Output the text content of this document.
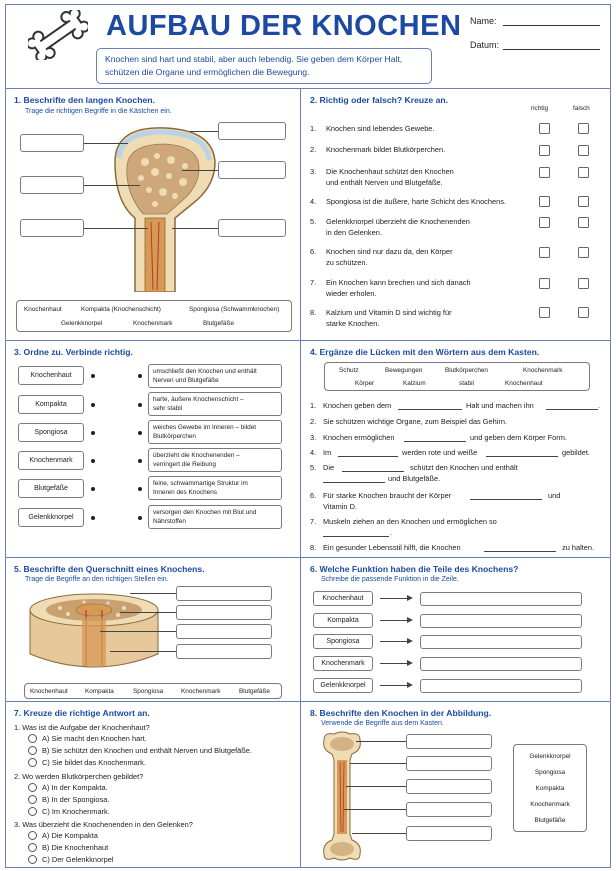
AUFBAU DER KNOCHEN
Knochen sind hart und stabil, aber auch lebendig. Sie geben dem Körper Halt,
schützen die Organe und ermöglichen die Bewegung.
Name:
Datum:
1. Beschrifte den langen Knochen.
Trage die richtigen Begriffe in die Kästchen ein.
Knochenhaut	Kompakta (Knochenschicht)	Spongiosa (Schwammknochen)
Gelenkknorpel	Knochenmark	Blutgefäße
2. Richtig oder falsch? Kreuze an.
richtig	falsch
1. Knochen sind lebendes Gewebe.
2. Knochenmark bildet Blutkörperchen.
3. Die Knochenhaut schützt den Knochen
und enthält Nerven und Blutgefäße.
4. Spongiosa ist die äußere, harte Schicht des Knochens.
5. Gelenkknorpel überzieht die Knochenenden
in den Gelenken.
6. Knochen sind nur dazu da, den Körper
zu schützen.
7. Ein Knochen kann brechen und sich danach
wieder erholen.
8. Kalzium und Vitamin D sind wichtig für
starke Knochen.
3. Ordne zu. Verbinde richtig.
Knochenhaut
Kompakta
Spongiosa
Knochenmark
Blutgefäße
Gelenkknorpel
umschließt den Knochen und enthält
Nerven und Blutgefäße
harte, äußere Knochenschicht –
sehr stabil
weiches Gewebe im Inneren – bildet
Blutkörperchen
überzieht die Knochenenden –
verringert die Reibung
feine, schwammartige Struktur im
Inneren des Knochens
versorgen den Knochen mit Blut und
Nährstoffen
4. Ergänze die Lücken mit den Wörtern aus dem Kasten.
Schutz	Bewegungen	Blutkörperchen	Knochenmark
Körper	Kalzium	stabil	Knochenhaut
1. Knochen geben dem	Halt und machen ihn	.
2. Sie schützen wichtige Organe, zum Beispiel das Gehirn.
3. Knochen ermöglichen	und geben dem Körper Form.
4. Im	werden rote und weiße	gebildet.
5. Die	schützt den Knochen und enthält
und Blutgefäße.
6. Für starke Knochen braucht der Körper	und
Vitamin D.
7. Muskeln ziehen an den Knochen und ermöglichen so
.
8. Ein gesunder Lebensstil hilft, die Knochen	zu halten.
5. Beschrifte den Querschnitt eines Knochens.
Trage die Begriffe an den richtigen Stellen ein.
Knochenhaut	Kompakta	Spongiosa	Knochenmark	Blutgefäße
6. Welche Funktion haben die Teile des Knochens?
Schreibe die passende Funktion in die Zeile.
Knochenhaut
Kompakta
Spongiosa
Knochenmark
Gelenkknorpel
7. Kreuze die richtige Antwort an.
1. Was ist die Aufgabe der Knochenhaut?
A) Sie macht den Knochen hart.
B) Sie schützt den Knochen und enthält Nerven und Blutgefäße.
C) Sie bildet das Knochenmark.
2. Wo werden Blutkörperchen gebildet?
A) In der Kompakta.
B) In der Spongiosa.
C) Im Knochenmark.
3. Was überzieht die Knochenenden in den Gelenken?
A) Die Kompakta
B) Die Knochenhaut
C) Der Gelenkknorpel
8. Beschrifte den Knochen in der Abbildung.
Verwende die Begriffe aus dem Kasten.
Gelenkknorpel
Spongiosa
Kompakta
Knochenmark
Blutgefäße
